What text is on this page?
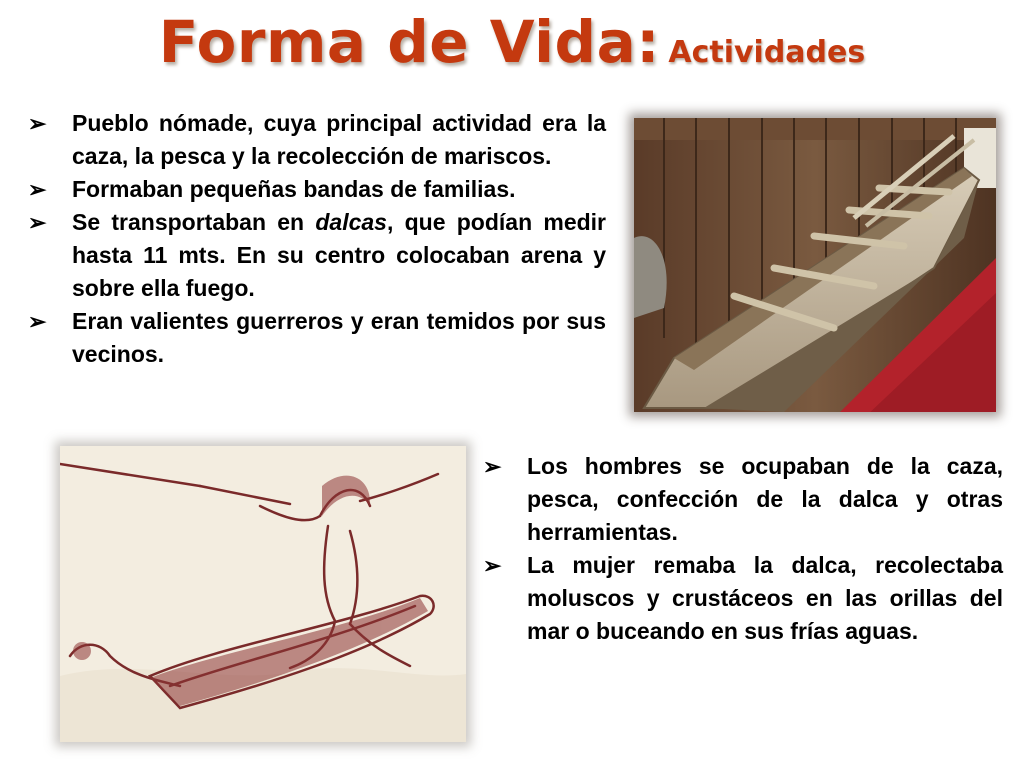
Forma de Vida: Actividades
➢ Pueblo nómade, cuya principal actividad era la caza, la pesca y la recolección de mariscos.
➢ Formaban pequeñas bandas de familias.
➢ Se transportaban en dalcas, que podían medir hasta 11 mts. En su centro colocaban arena y sobre ella fuego.
➢ Eran valientes guerreros y eran temidos por sus vecinos.
➢ Los hombres se ocupaban de la caza, pesca, confección de la dalca y otras herramientas.
➢ La mujer remaba la dalca, recolectaba moluscos y crustáceos en las orillas del mar o buceando en sus frías aguas.
